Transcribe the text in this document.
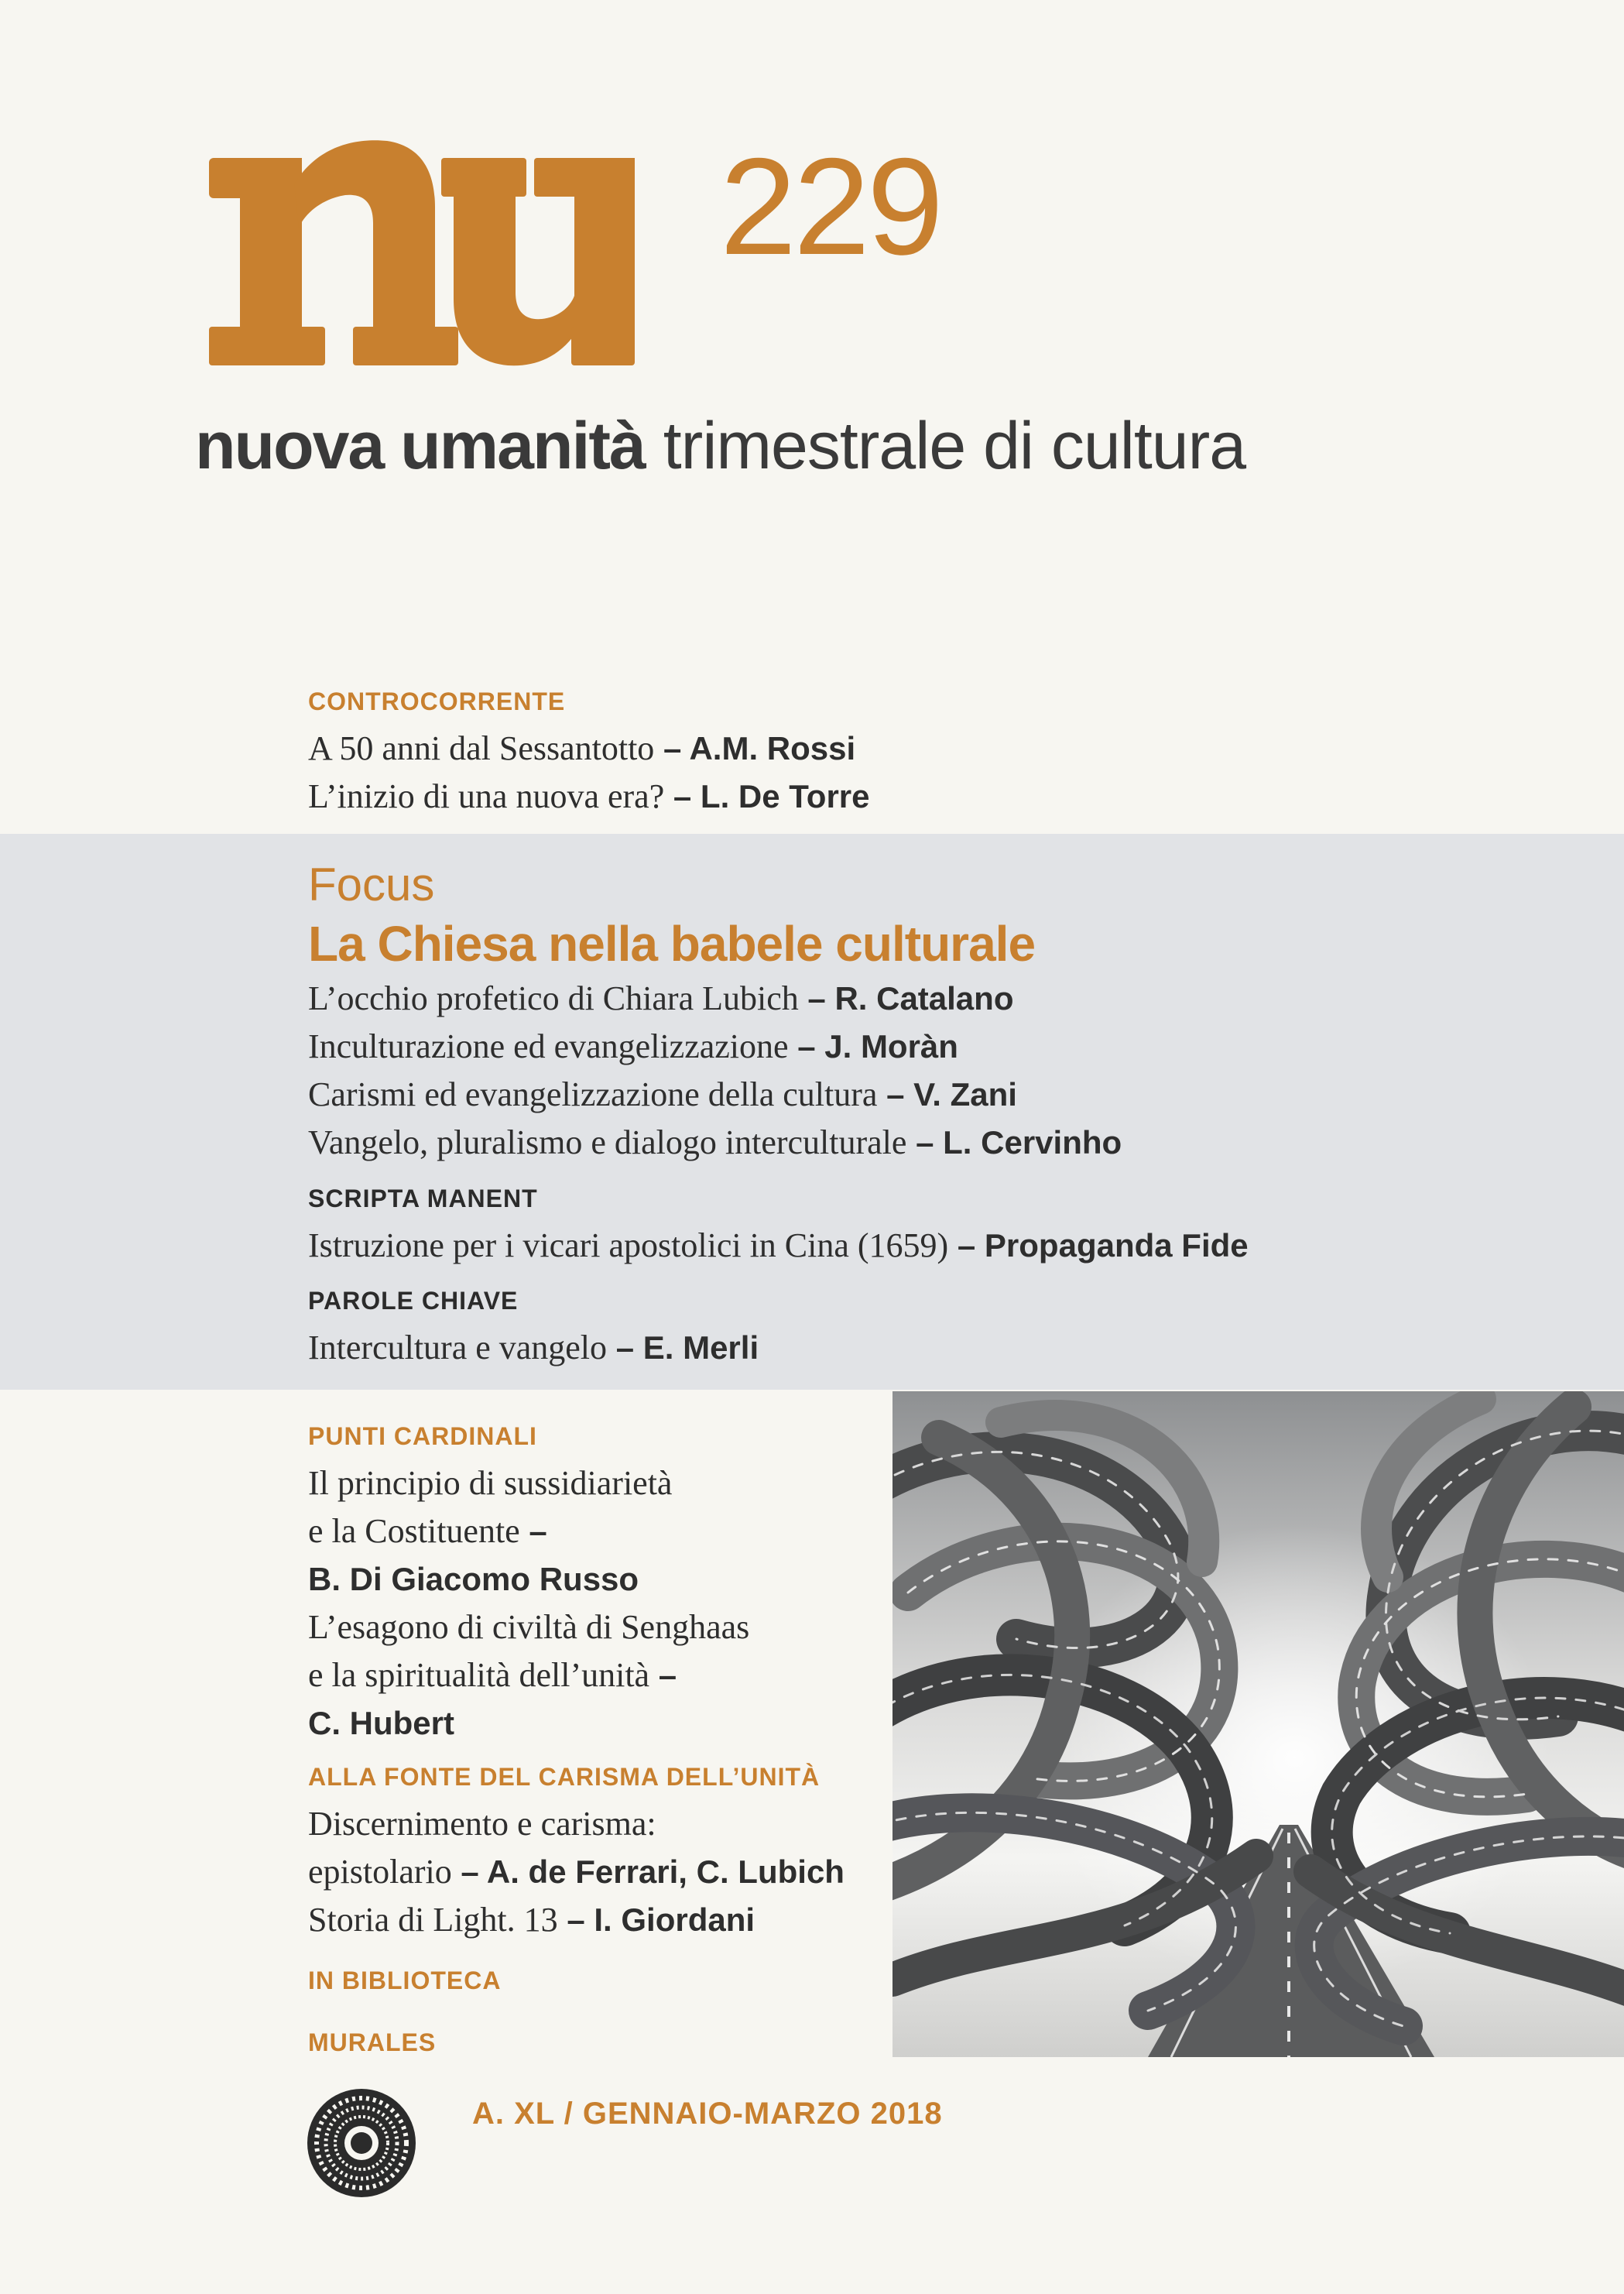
229
nuova umanità trimestrale di cultura
CONTROCORRENTE
A 50 anni dal Sessantotto – A.M. Rossi
L’inizio di una nuova era? – L. De Torre
Focus
La Chiesa nella babele culturale
L’occhio profetico di Chiara Lubich – R. Catalano
Inculturazione ed evangelizzazione – J. Moràn
Carismi ed evangelizzazione della cultura – V. Zani
Vangelo, pluralismo e dialogo interculturale – L. Cervinho
SCRIPTA MANENT
Istruzione per i vicari apostolici in Cina (1659) – Propaganda Fide
PAROLE CHIAVE
Intercultura e vangelo – E. Merli
PUNTI CARDINALI
Il principio di sussidiarietà
e la Costituente –
B. Di Giacomo Russo
L’esagono di civiltà di Senghaas
e la spiritualità dell’unità –
C. Hubert
ALLA FONTE DEL CARISMA DELL’UNITÀ
Discernimento e carisma:
epistolario – A. de Ferrari, C. Lubich
Storia di Light. 13 – I. Giordani
IN BIBLIOTECA
MURALES
A. XL / GENNAIO-MARZO 2018
